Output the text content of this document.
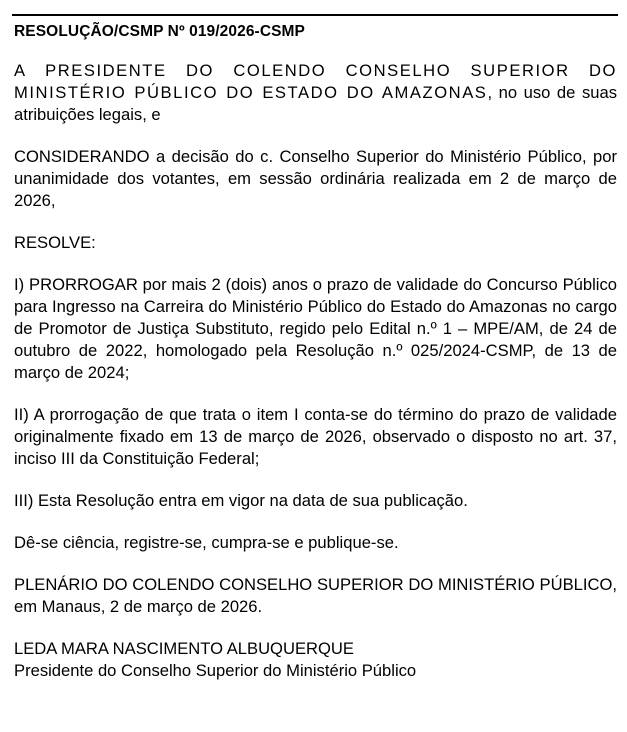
RESOLUÇÃO/CSMP Nº 019/2026-CSMP

A PRESIDENTE DO COLENDO CONSELHO SUPERIOR DO MINISTÉRIO PÚBLICO DO ESTADO DO AMAZONAS, no uso de suas atribuições legais, e

CONSIDERANDO a decisão do c. Conselho Superior do Ministério Público, por unanimidade dos votantes, em sessão ordinária realizada em 2 de março de 2026,

RESOLVE:

I) PRORROGAR por mais 2 (dois) anos o prazo de validade do Concurso Público para Ingresso na Carreira do Ministério Público do Estado do Amazonas no cargo de Promotor de Justiça Substituto, regido pelo Edital n.º 1 – MPE/AM, de 24 de outubro de 2022, homologado pela Resolução n.º 025/2024-CSMP, de 13 de março de 2024;

II) A prorrogação de que trata o item I conta-se do término do prazo de validade originalmente fixado em 13 de março de 2026, observado o disposto no art. 37, inciso III da Constituição Federal;

III) Esta Resolução entra em vigor na data de sua publicação.

Dê-se ciência, registre-se, cumpra-se e publique-se.

PLENÁRIO DO COLENDO CONSELHO SUPERIOR DO MINISTÉRIO PÚBLICO, em Manaus, 2 de março de 2026.

LEDA MARA NASCIMENTO ALBUQUERQUE
Presidente do Conselho Superior do Ministério Público
